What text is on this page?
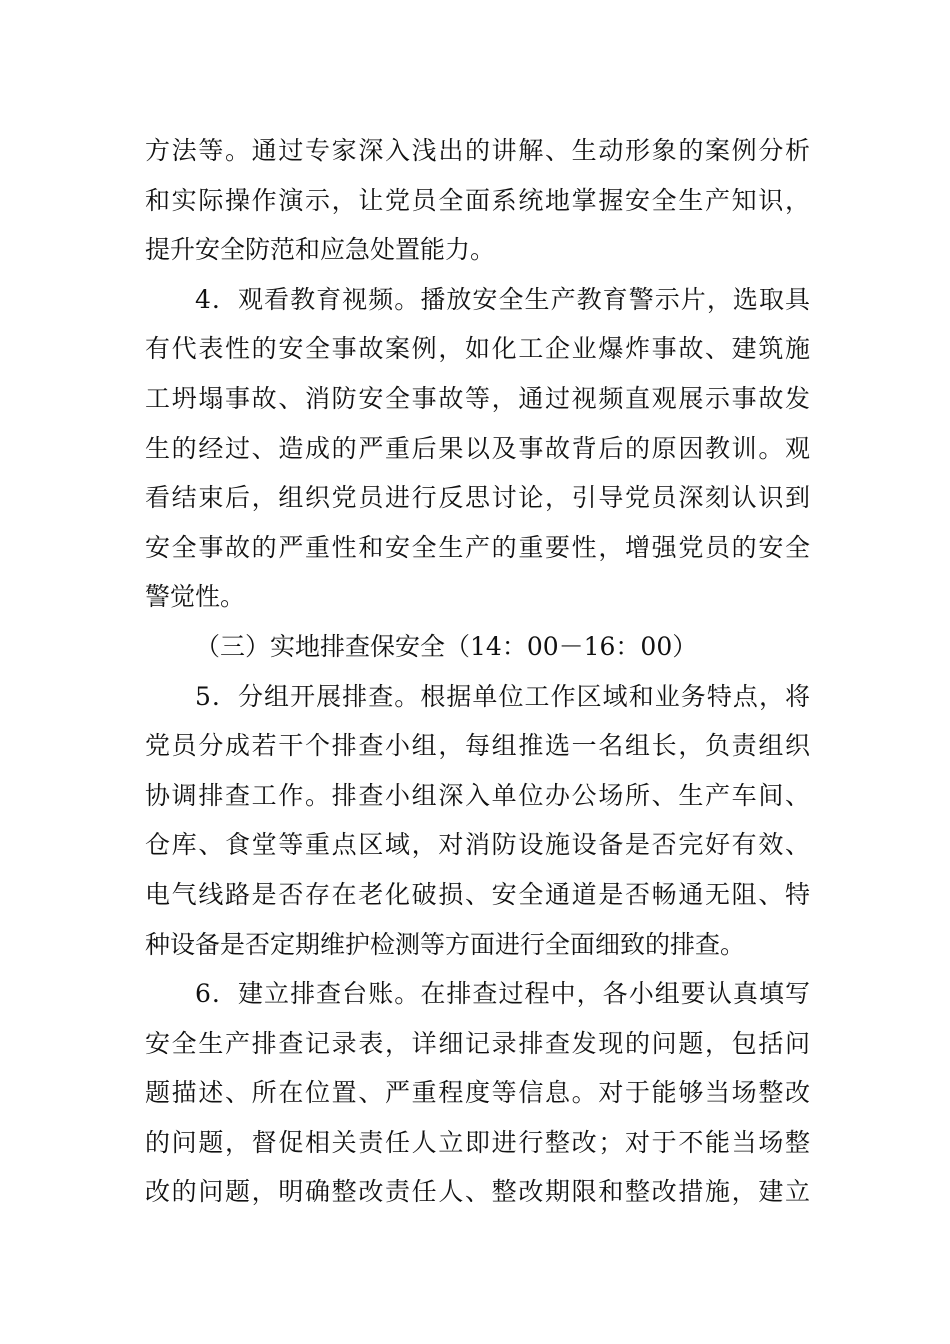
方法等。通过专家深入浅出的讲解、生动形象的案例分析
和实际操作演示，让党员全面系统地掌握安全生产知识，
提升安全防范和应急处置能力。
4．观看教育视频。播放安全生产教育警示片，选取具
有代表性的安全事故案例，如化工企业爆炸事故、建筑施
工坍塌事故、消防安全事故等，通过视频直观展示事故发
生的经过、造成的严重后果以及事故背后的原因教训。观
看结束后，组织党员进行反思讨论，引导党员深刻认识到
安全事故的严重性和安全生产的重要性，增强党员的安全
警觉性。
（三）实地排查保安全（14：00－16：00）
5．分组开展排查。根据单位工作区域和业务特点，将
党员分成若干个排查小组，每组推选一名组长，负责组织
协调排查工作。排查小组深入单位办公场所、生产车间、
仓库、食堂等重点区域，对消防设施设备是否完好有效、
电气线路是否存在老化破损、安全通道是否畅通无阻、特
种设备是否定期维护检测等方面进行全面细致的排查。
6．建立排查台账。在排查过程中，各小组要认真填写
安全生产排查记录表，详细记录排查发现的问题，包括问
题描述、所在位置、严重程度等信息。对于能够当场整改
的问题，督促相关责任人立即进行整改；对于不能当场整
改的问题，明确整改责任人、整改期限和整改措施，建立
